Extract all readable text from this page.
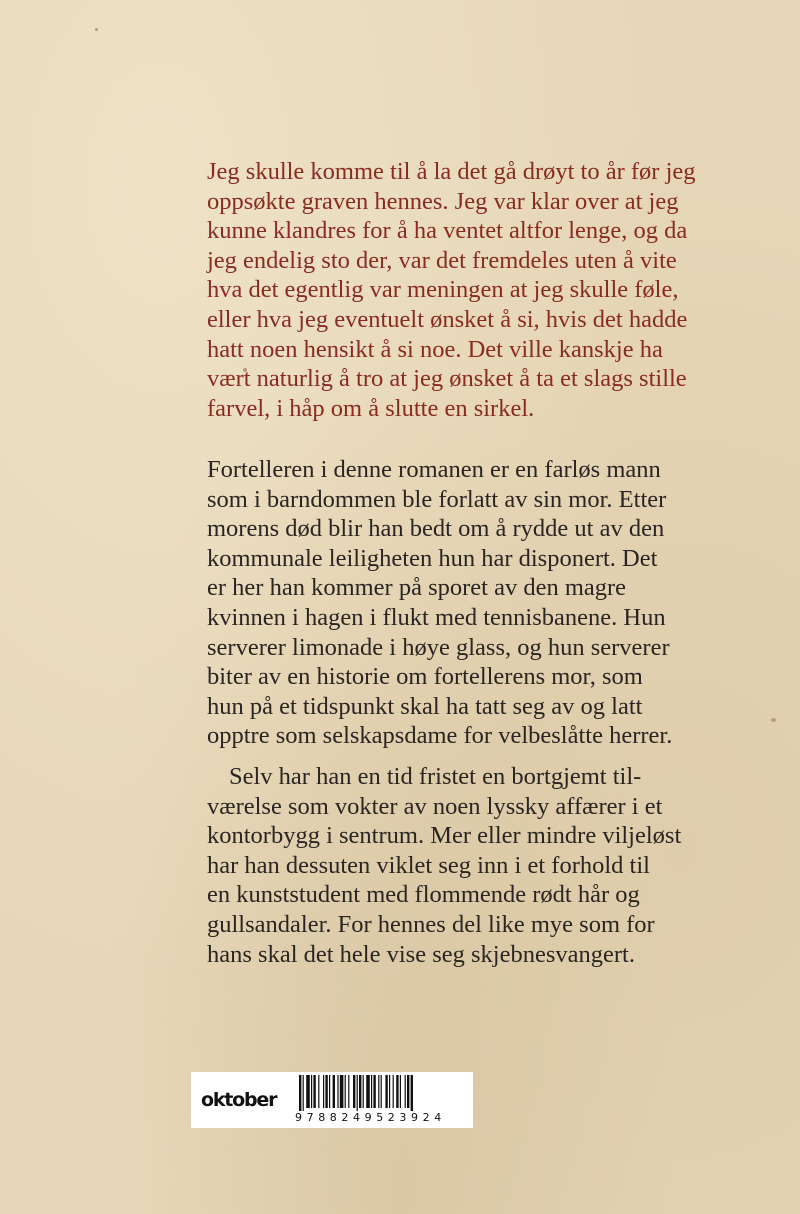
Jeg skulle komme til å la det gå drøyt to år før jeg
oppsøkte graven hennes. Jeg var klar over at jeg
kunne klandres for å ha ventet altfor lenge, og da
jeg endelig sto der, var det fremdeles uten å vite
hva det egentlig var meningen at jeg skulle føle,
eller hva jeg eventuelt ønsket å si, hvis det hadde
hatt noen hensikt å si noe. Det ville kanskje ha
vært naturlig å tro at jeg ønsket å ta et slags stille
farvel, i håp om å slutte en sirkel.
Fortelleren i denne romanen er en farløs mann
som i barndommen ble forlatt av sin mor. Etter
morens død blir han bedt om å rydde ut av den
kommunale leiligheten hun har disponert. Det
er her han kommer på sporet av den magre
kvinnen i hagen i flukt med tennisbanene. Hun
serverer limonade i høye glass, og hun serverer
biter av en historie om fortellerens mor, som
hun på et tidspunkt skal ha tatt seg av og latt
opptre som selskapsdame for velbeslåtte herrer.
Selv har han en tid fristet en bortgjemt til-
værelse som vokter av noen lyssky affærer i et
kontorbygg i sentrum. Mer eller mindre viljeløst
har han dessuten viklet seg inn i et forhold til
en kunststudent med flommende rødt hår og
gullsandaler. For hennes del like mye som for
hans skal det hele vise seg skjebnesvangert.
oktober
9788249523924
